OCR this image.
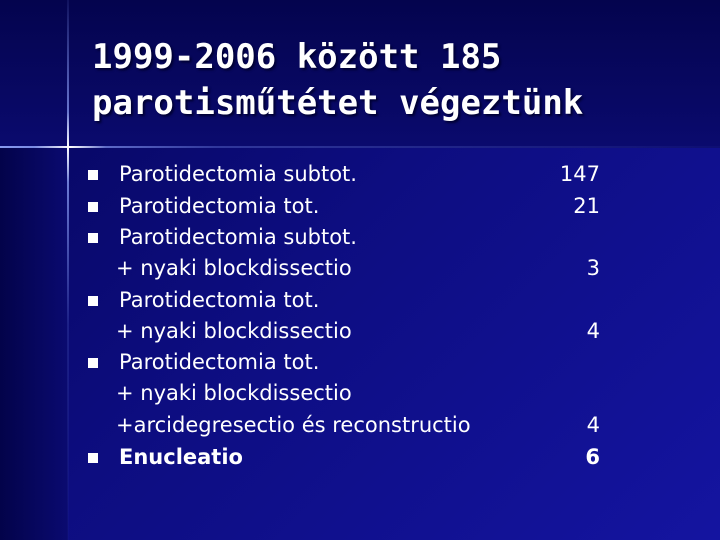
1999-2006 között 185
parotisműtétet végeztünk
Parotidectomia subtot.	147
Parotidectomia tot.	21
Parotidectomia subtot.
+ nyaki blockdissectio	3
Parotidectomia tot.
+ nyaki blockdissectio	4
Parotidectomia tot.
+ nyaki blockdissectio
+arcidegresectio és reconstructio	4
Enucleatio	6
